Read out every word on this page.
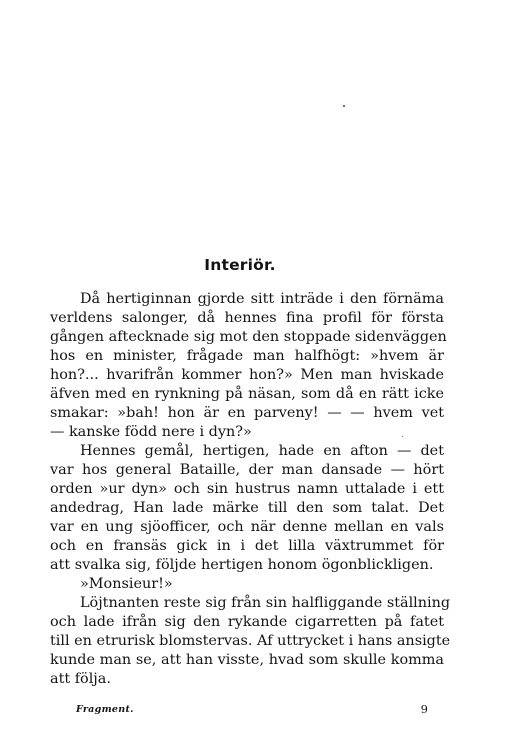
Interiör.
Då hertiginnan gjorde sitt inträde i den förnäma
verldens salonger, då hennes fina profil för första
gången aftecknade sig mot den stoppade sidenväggen
hos en minister, frågade man halfhögt: »hvem är
hon?... hvarifrån kommer hon?» Men man hviskade
äfven med en rynkning på näsan, som då en rätt icke
smakar: »bah! hon är en parveny! — — hvem vet
— kanske född nere i dyn?»
Hennes gemål, hertigen, hade en afton — det
var hos general Bataille, der man dansade — hört
orden »ur dyn» och sin hustrus namn uttalade i ett
andedrag, Han lade märke till den som talat. Det
var en ung sjöofficer, och när denne mellan en vals
och en fransäs gick in i det lilla växtrummet för
att svalka sig, följde hertigen honom ögonblickligen.
»Monsieur!»
Löjtnanten reste sig från sin halfliggande ställning
och lade ifrån sig den rykande cigarretten på fatet
till en etrurisk blomstervas. Af uttrycket i hans ansigte
kunde man se, att han visste, hvad som skulle komma
att följa.
Fragment.	9
